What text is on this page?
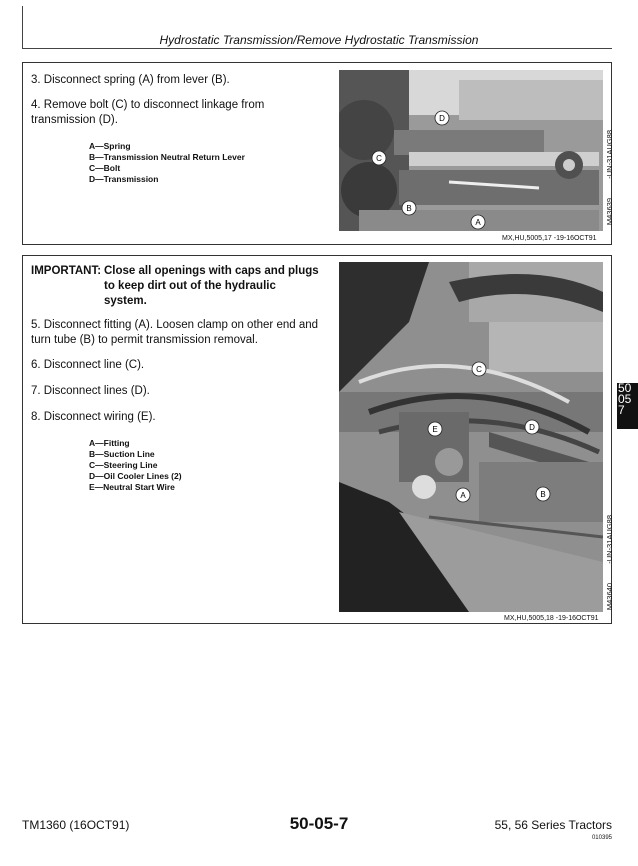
Hydrostatic Transmission/Remove Hydrostatic Transmission
3. Disconnect spring (A) from lever (B).
4. Remove bolt (C) to disconnect linkage from
transmission (D).
A—Spring
B—Transmission Neutral Return Lever
C—Bolt
D—Transmission
D
C
B
A
-UN-31AUG88
M43639
MX,HU,5005,17 -19-16OCT91
IMPORTANT: Close all openings with caps and plugs
to keep dirt out of the hydraulic
system.
5. Disconnect fitting (A). Loosen clamp on other end and
turn tube (B) to permit transmission removal.
6. Disconnect line (C).
7. Disconnect lines (D).
8. Disconnect wiring (E).
A—Fitting
B—Suction Line
C—Steering Line
D—Oil Cooler Lines (2)
E—Neutral Start Wire
C
D
E
A	B
-UN-31AUG88
M43640
MX,HU,5005,18 -19-16OCT91
50
05
7
TM1360 (16OCT91)	50-05-7	55, 56 Series Tractors
010395
